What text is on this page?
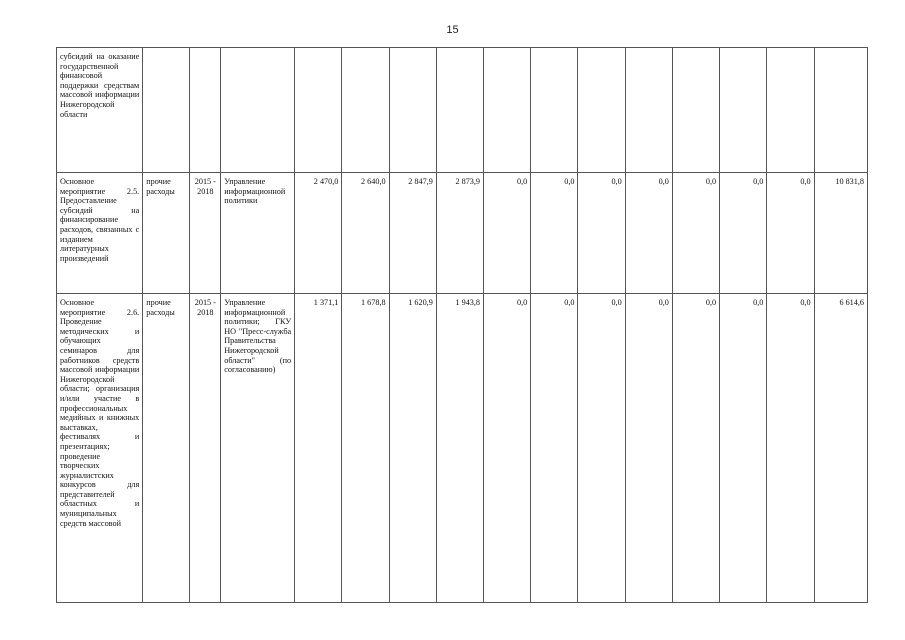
15
субсидий на оказание государственной финансовой поддержки средствам массовой информации Нижегородской области															
Основное мероприятие 2.5. Предоставление субсидий на финансирование расходов, связанных с изданием литературных произведений	прочие расходы	2015 - 2018	Управление информационной политики	2 470,0	2 640,0	2 847,9	2 873,9	0,0	0,0	0,0	0,0	0,0	0,0	0,0	10 831,8
Основное мероприятие 2.6. Проведение методических и обучающих семинаров для работников средств массовой информации Нижегородской области; организация и/или участие в профессиональных медийных и книжных выставках, фестивалях и презентациях; проведение творческих журналистских конкурсов для представителей областных и муниципальных средств массовой	прочие расходы	2015 - 2018	Управление информационной политики; ГКУ НО "Пресс-служба Правительства Нижегородской области" (по согласованию)	1 371,1	1 678,8	1 620,9	1 943,8	0,0	0,0	0,0	0,0	0,0	0,0	0,0	6 614,6
